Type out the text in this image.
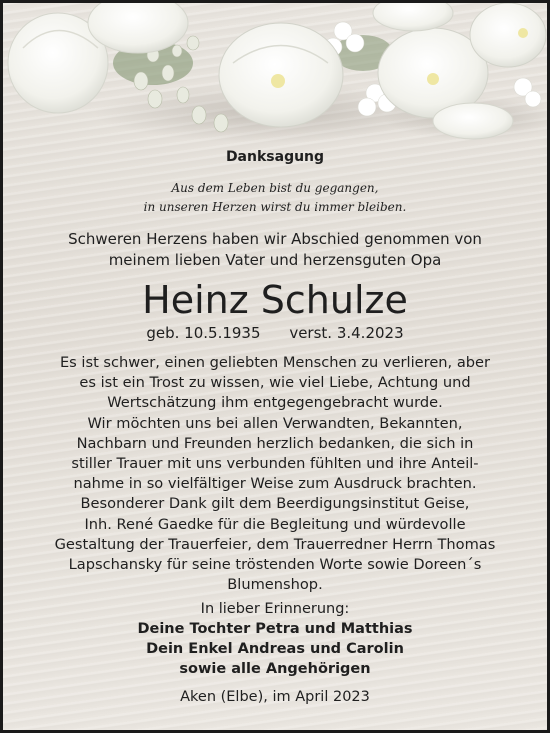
Danksagung
Aus dem Leben bist du gegangen,
in unseren Herzen wirst du immer bleiben.
Schweren Herzens haben wir Abschied genommen von
meinem lieben Vater und herzensguten Opa
Heinz Schulze
geb. 10.5.1935 verst. 3.4.2023
Es ist schwer, einen geliebten Menschen zu verlieren, aber
es ist ein Trost zu wissen, wie viel Liebe, Achtung und
Wertschätzung ihm entgegengebracht wurde.
Wir möchten uns bei allen Verwandten, Bekannten,
Nachbarn und Freunden herzlich bedanken, die sich in
stiller Trauer mit uns verbunden fühlten und ihre Anteil-
nahme in so vielfältiger Weise zum Ausdruck brachten.
Besonderer Dank gilt dem Beerdigungsinstitut Geise,
Inh. René Gaedke für die Begleitung und würdevolle
Gestaltung der Trauerfeier, dem Trauerredner Herrn Thomas
Lapschansky für seine tröstenden Worte sowie Doreen´s
Blumenshop.
In lieber Erinnerung:
Deine Tochter Petra und Matthias
Dein Enkel Andreas und Carolin
sowie alle Angehörigen
Aken (Elbe), im April 2023
